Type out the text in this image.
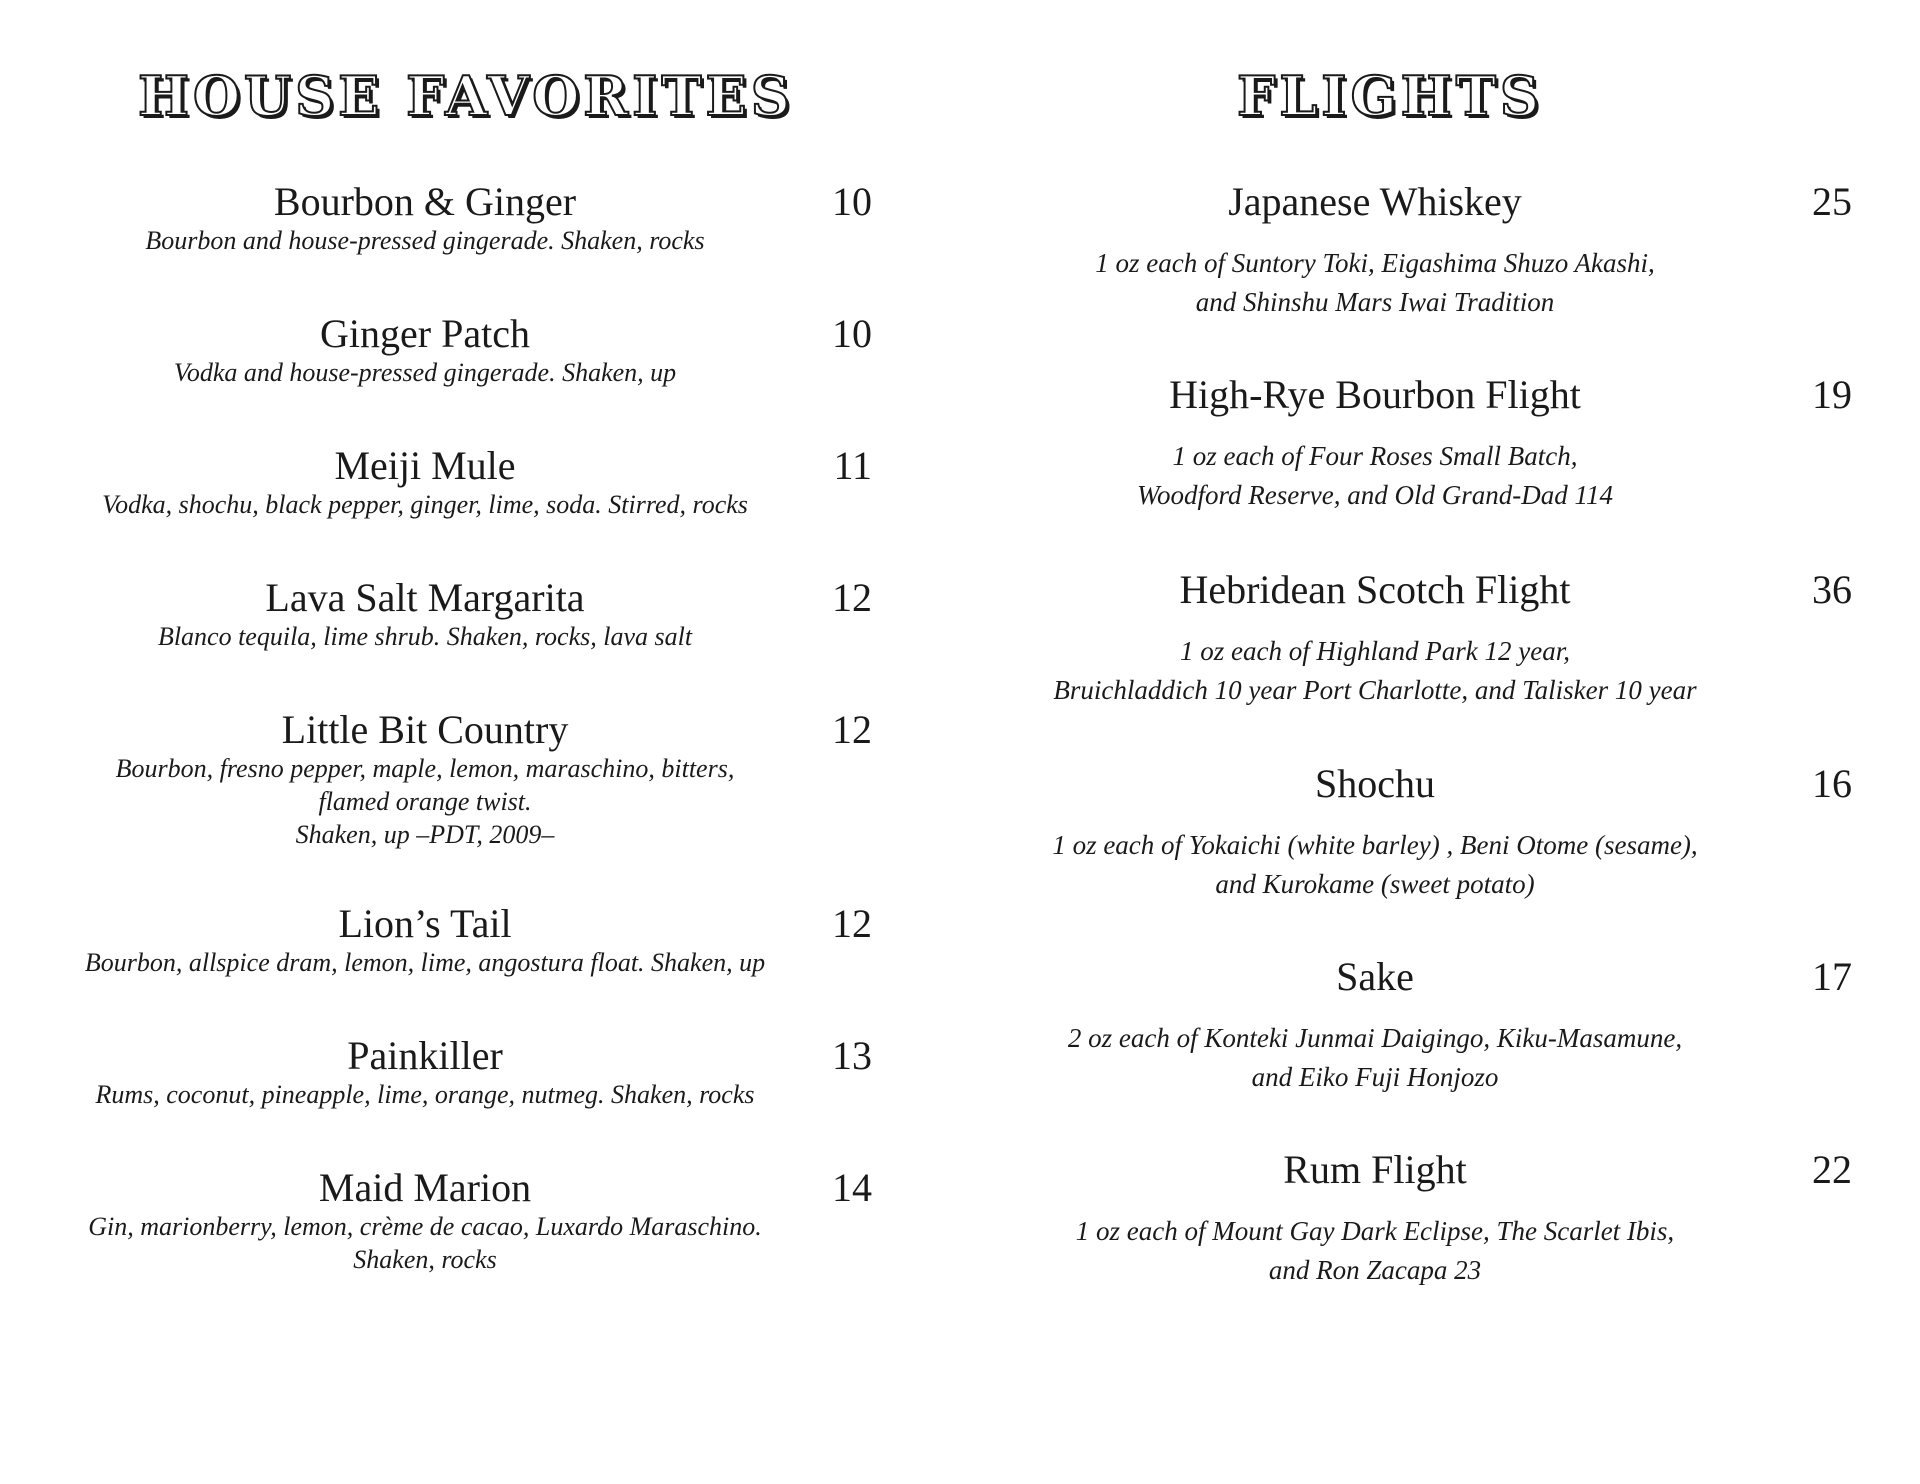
HOUSE FAVORITES
Bourbon & Ginger	10
Bourbon and house-pressed gingerade. Shaken, rocks
Ginger Patch	10
Vodka and house-pressed gingerade. Shaken, up
Meiji Mule	11
Vodka, shochu, black pepper, ginger, lime, soda. Stirred, rocks
Lava Salt Margarita	12
Blanco tequila, lime shrub. Shaken, rocks, lava salt
Little Bit Country	12
Bourbon, fresno pepper, maple, lemon, maraschino, bitters,
flamed orange twist.
Shaken, up –PDT, 2009–
Lion’s Tail	12
Bourbon, allspice dram, lemon, lime, angostura float. Shaken, up
Painkiller	13
Rums, coconut, pineapple, lime, orange, nutmeg. Shaken, rocks
Maid Marion	14
Gin, marionberry, lemon, crème de cacao, Luxardo Maraschino.
Shaken, rocks
FLIGHTS
Japanese Whiskey	25
1 oz each of Suntory Toki, Eigashima Shuzo Akashi,
and Shinshu Mars Iwai Tradition
High-Rye Bourbon Flight	19
1 oz each of Four Roses Small Batch,
Woodford Reserve, and Old Grand-Dad 114
Hebridean Scotch Flight	36
1 oz each of Highland Park 12 year,
Bruichladdich 10 year Port Charlotte, and Talisker 10 year
Shochu	16
1 oz each of Yokaichi (white barley) , Beni Otome (sesame),
and Kurokame (sweet potato)
Sake	17
2 oz each of Konteki Junmai Daigingo, Kiku-Masamune,
and Eiko Fuji Honjozo
Rum Flight	22
1 oz each of Mount Gay Dark Eclipse, The Scarlet Ibis,
and Ron Zacapa 23
